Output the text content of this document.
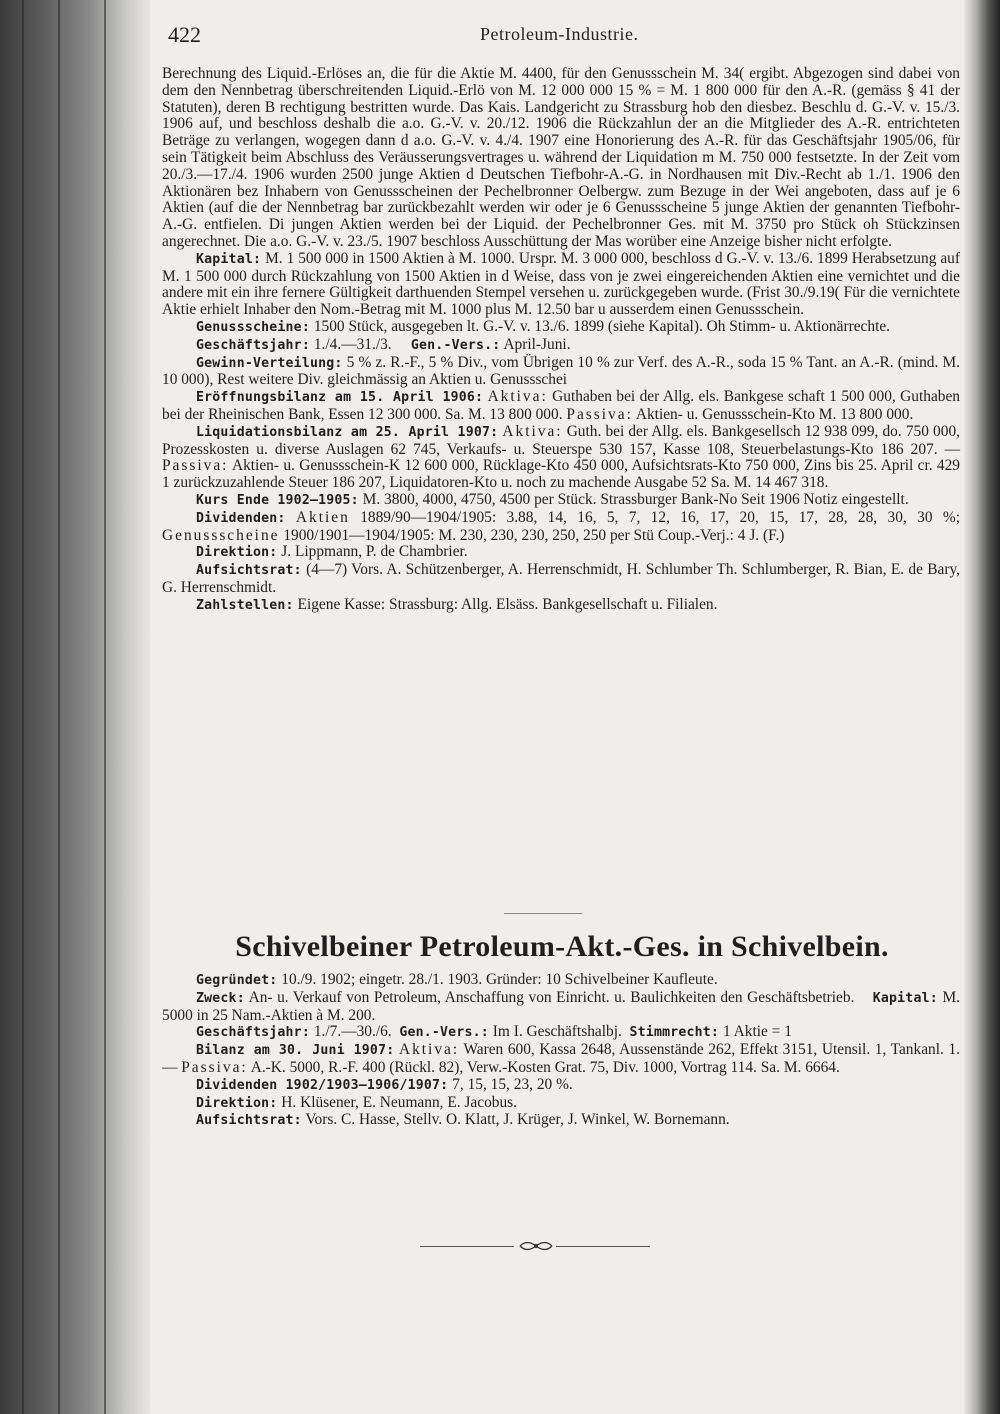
422	Petroleum-Industrie.

Berechnung des Liquid.-Erlöses an, die für die Aktie M. 4400, für den Genussschein M. 34( ergibt. Abgezogen sind dabei von dem den Nennbetrag überschreitenden Liquid.-Erlö von M. 12 000 000 15 % = M. 1 800 000 für den A.-R. (gemäss § 41 der Statuten), deren B rechtigung bestritten wurde. Das Kais. Landgericht zu Strassburg hob den diesbez. Beschlu d. G.-V. v. 15./3. 1906 auf, und beschloss deshalb die a.o. G.-V. v. 20./12. 1906 die Rückzahlun der an die Mitglieder des A.-R. entrichteten Beträge zu verlangen, wogegen dann d a.o. G.-V. v. 4./4. 1907 eine Honorierung des A.-R. für das Geschäftsjahr 1905/06, für sein Tätigkeit beim Abschluss des Veräusserungsvertrages u. während der Liquidation m M. 750 000 festsetzte. In der Zeit vom 20./3.—17./4. 1906 wurden 2500 junge Aktien d Deutschen Tiefbohr-A.-G. in Nordhausen mit Div.-Recht ab 1./1. 1906 den Aktionären bez Inhabern von Genussscheinen der Pechelbronner Oelbergw. zum Bezuge in der Wei angeboten, dass auf je 6 Aktien (auf die der Nennbetrag bar zurückbezahlt werden wir oder je 6 Genussscheine 5 junge Aktien der genannten Tiefbohr-A.-G. entfielen. Di jungen Aktien werden bei der Liquid. der Pechelbronner Ges. mit M. 3750 pro Stück oh Stückzinsen angerechnet. Die a.o. G.-V. v. 23./5. 1907 beschloss Ausschüttung der Mas worüber eine Anzeige bisher nicht erfolgte.

Kapital: M. 1 500 000 in 1500 Aktien à M. 1000. Urspr. M. 3 000 000, beschloss d G.-V. v. 13./6. 1899 Herabsetzung auf M. 1 500 000 durch Rückzahlung von 1500 Aktien in d Weise, dass von je zwei eingereichenden Aktien eine vernichtet und die andere mit ein ihre fernere Gültigkeit darthuenden Stempel versehen u. zurückgegeben wurde. (Frist 30./9.19( Für die vernichtete Aktie erhielt Inhaber den Nom.-Betrag mit M. 1000 plus M. 12.50 bar u ausserdem einen Genussschein.

Genussscheine: 1500 Stück, ausgegeben lt. G.-V. v. 13./6. 1899 (siehe Kapital). Oh Stimm- u. Aktionärrechte.

Geschäftsjahr: 1./4.—31./3. Gen.-Vers.: April-Juni.

Gewinn-Verteilung: 5 % z. R.-F., 5 % Div., vom Übrigen 10 % zur Verf. des A.-R., soda 15 % Tant. an A.-R. (mind. M. 10 000), Rest weitere Div. gleichmässig an Aktien u. Genussschei

Eröffnungsbilanz am 15. April 1906: Aktiva: Guthaben bei der Allg. els. Bankgese schaft 1 500 000, Guthaben bei der Rheinischen Bank, Essen 12 300 000. Sa. M. 13 800 000. Passiva: Aktien- u. Genussschein-Kto M. 13 800 000.

Liquidationsbilanz am 25. April 1907: Aktiva: Guth. bei der Allg. els. Bankgesellsch 12 938 099, do. 750 000, Prozesskosten u. diverse Auslagen 62 745, Verkaufs- u. Steuerspe 530 157, Kasse 108, Steuerbelastungs-Kto 186 207. — Passiva: Aktien- u. Genussschein-K 12 600 000, Rücklage-Kto 450 000, Aufsichtsrats-Kto 750 000, Zins bis 25. April cr. 429 1 zurückzuzahlende Steuer 186 207, Liquidatoren-Kto u. noch zu machende Ausgabe 52 Sa. M. 14 467 318.

Kurs Ende 1902—1905: M. 3800, 4000, 4750, 4500 per Stück. Strassburger Bank-No Seit 1906 Notiz eingestellt.

Dividenden: Aktien 1889/90—1904/1905: 3.88, 14, 16, 5, 7, 12, 16, 17, 20, 15, 17, 28, 28, 30, 30 %; Genussscheine 1900/1901—1904/1905: M. 230, 230, 230, 250, 250 per Stü Coup.-Verj.: 4 J. (F.)

Direktion: J. Lippmann, P. de Chambrier.

Aufsichtsrat: (4—7) Vors. A. Schützenberger, A. Herrenschmidt, H. Schlumber Th. Schlumberger, R. Bian, E. de Bary, G. Herrenschmidt.

Zahlstellen: Eigene Kasse: Strassburg: Allg. Elsäss. Bankgesellschaft u. Filialen.

Schivelbeiner Petroleum-Akt.-Ges. in Schivelbein.

Gegründet: 10./9. 1902; eingetr. 28./1. 1903. Gründer: 10 Schivelbeiner Kaufleute.

Zweck: An- u. Verkauf von Petroleum, Anschaffung von Einricht. u. Baulichkeiten den Geschäftsbetrieb. Kapital: M. 5000 in 25 Nam.-Aktien à M. 200.

Geschäftsjahr: 1./7.—30./6. Gen.-Vers.: Im I. Geschäftshalbj. Stimmrecht: 1 Aktie = 1

Bilanz am 30. Juni 1907: Aktiva: Waren 600, Kassa 2648, Aussenstände 262, Effekt 3151, Utensil. 1, Tankanl. 1. — Passiva: A.-K. 5000, R.-F. 400 (Rückl. 82), Verw.-Kosten Grat. 75, Div. 1000, Vortrag 114. Sa. M. 6664.

Dividenden 1902/1903—1906/1907: 7, 15, 15, 23, 20 %.

Direktion: H. Klüsener, E. Neumann, E. Jacobus.

Aufsichtsrat: Vors. C. Hasse, Stellv. O. Klatt, J. Krüger, J. Winkel, W. Bornemann.
